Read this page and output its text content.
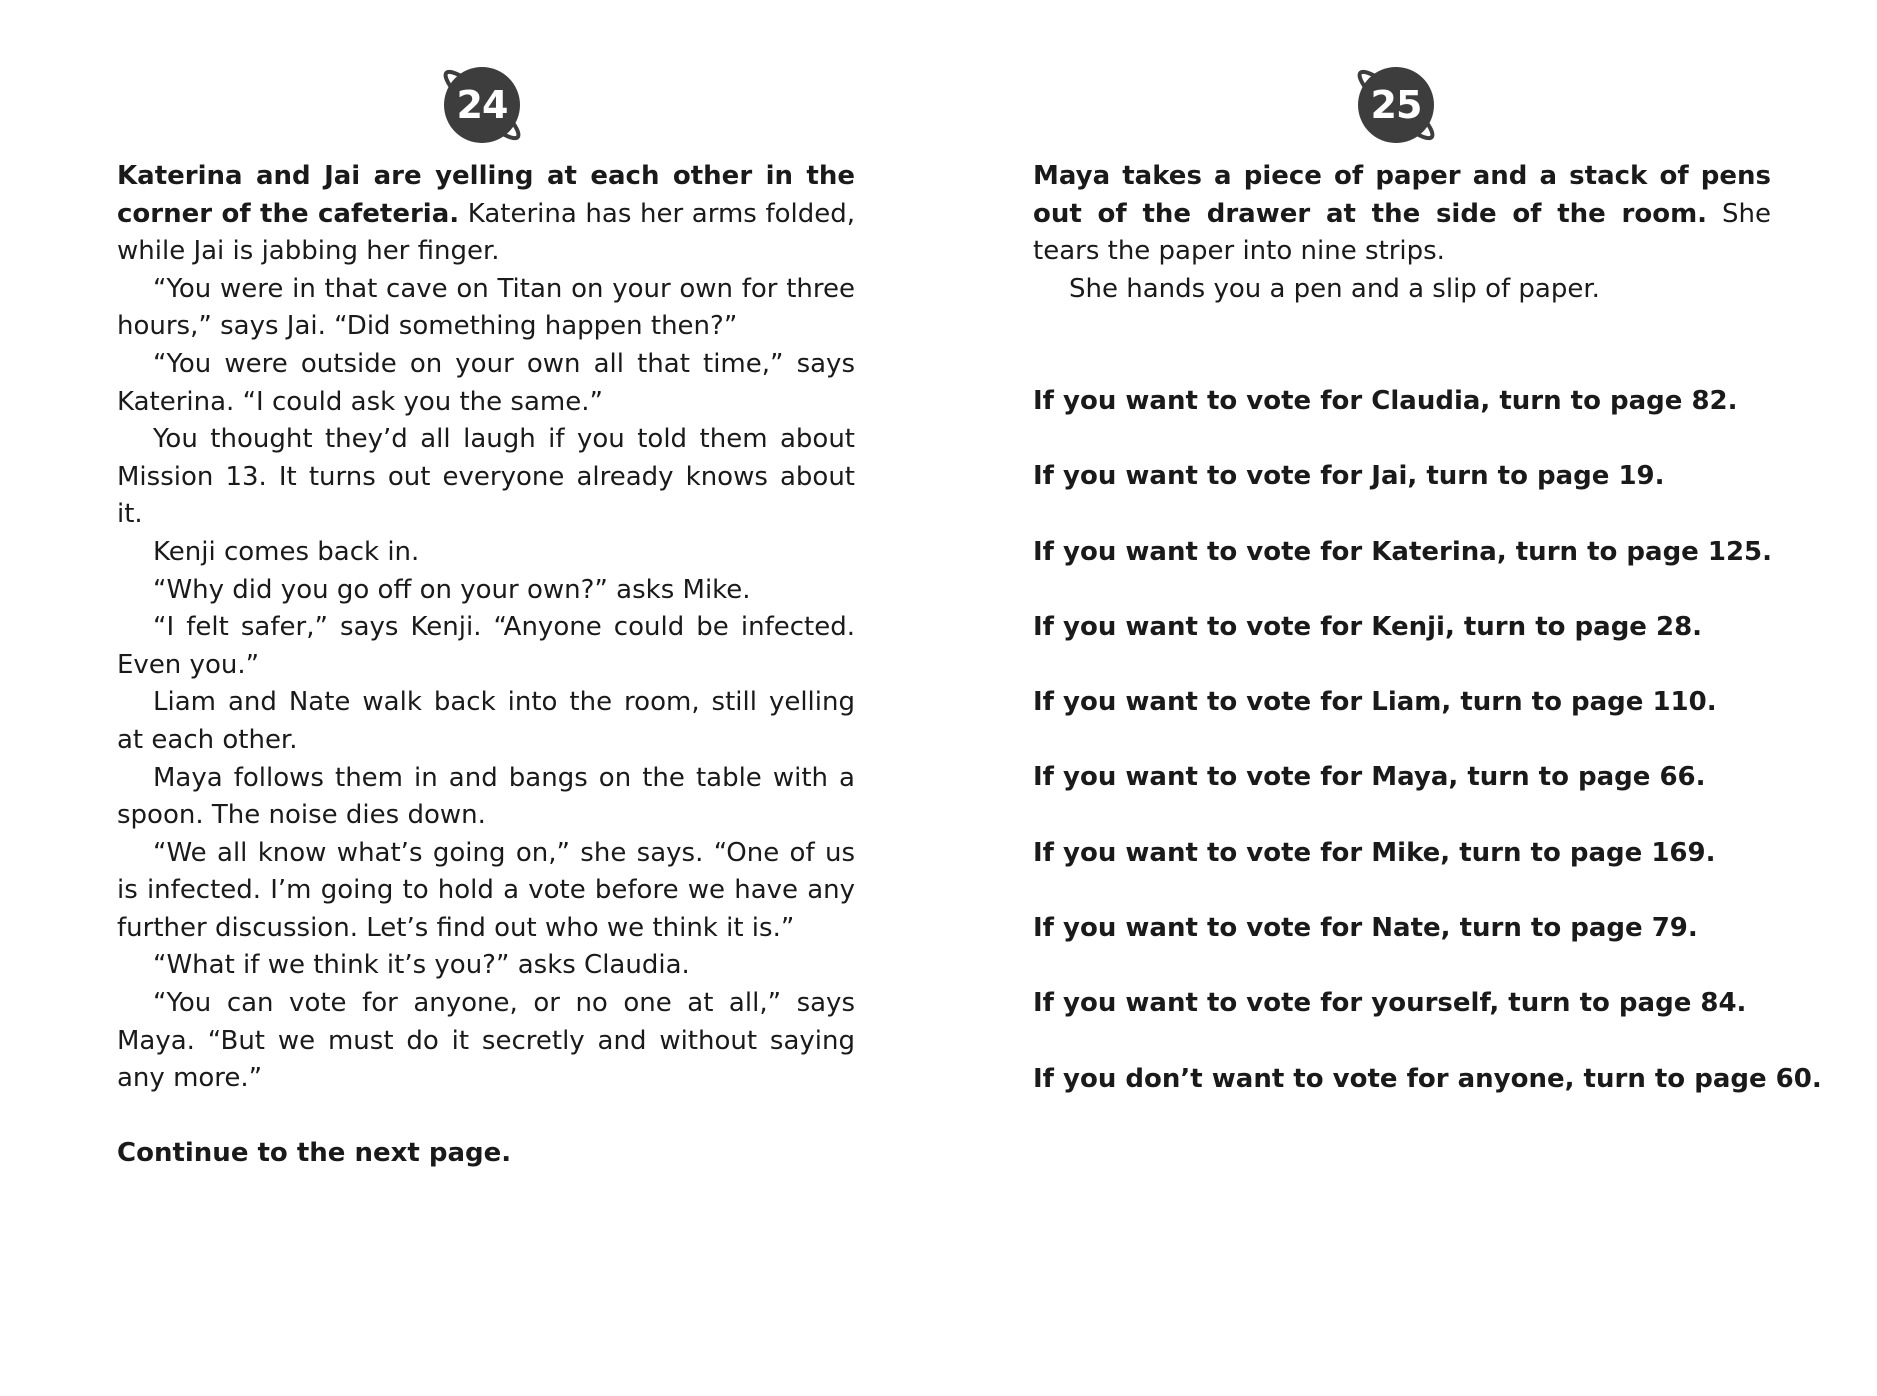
24

Katerina and Jai are yelling at each other in the corner of the cafeteria. Katerina has her arms folded, while Jai is jabbing her finger.

“You were in that cave on Titan on your own for three hours,” says Jai. “Did something happen then?”

“You were outside on your own all that time,” says Katerina. “I could ask you the same.”

You thought they’d all laugh if you told them about Mission 13. It turns out everyone already knows about it.

Kenji comes back in.

“Why did you go off on your own?” asks Mike.

“I felt safer,” says Kenji. “Anyone could be infected. Even you.”

Liam and Nate walk back into the room, still yelling at each other.

Maya follows them in and bangs on the table with a spoon. The noise dies down.

“We all know what’s going on,” she says. “One of us is infected. I’m going to hold a vote before we have any further discussion. Let’s find out who we think it is.”

“What if we think it’s you?” asks Claudia.

“You can vote for anyone, or no one at all,” says Maya. “But we must do it secretly and without saying any more.”

Continue to the next page.
25

Maya takes a piece of paper and a stack of pens out of the drawer at the side of the room. She tears the paper into nine strips.

She hands you a pen and a slip of paper.

If you want to vote for Claudia, turn to page 82.
If you want to vote for Jai, turn to page 19.
If you want to vote for Katerina, turn to page 125.
If you want to vote for Kenji, turn to page 28.
If you want to vote for Liam, turn to page 110.
If you want to vote for Maya, turn to page 66.
If you want to vote for Mike, turn to page 169.
If you want to vote for Nate, turn to page 79.
If you want to vote for yourself, turn to page 84.
If you don’t want to vote for anyone, turn to page 60.
